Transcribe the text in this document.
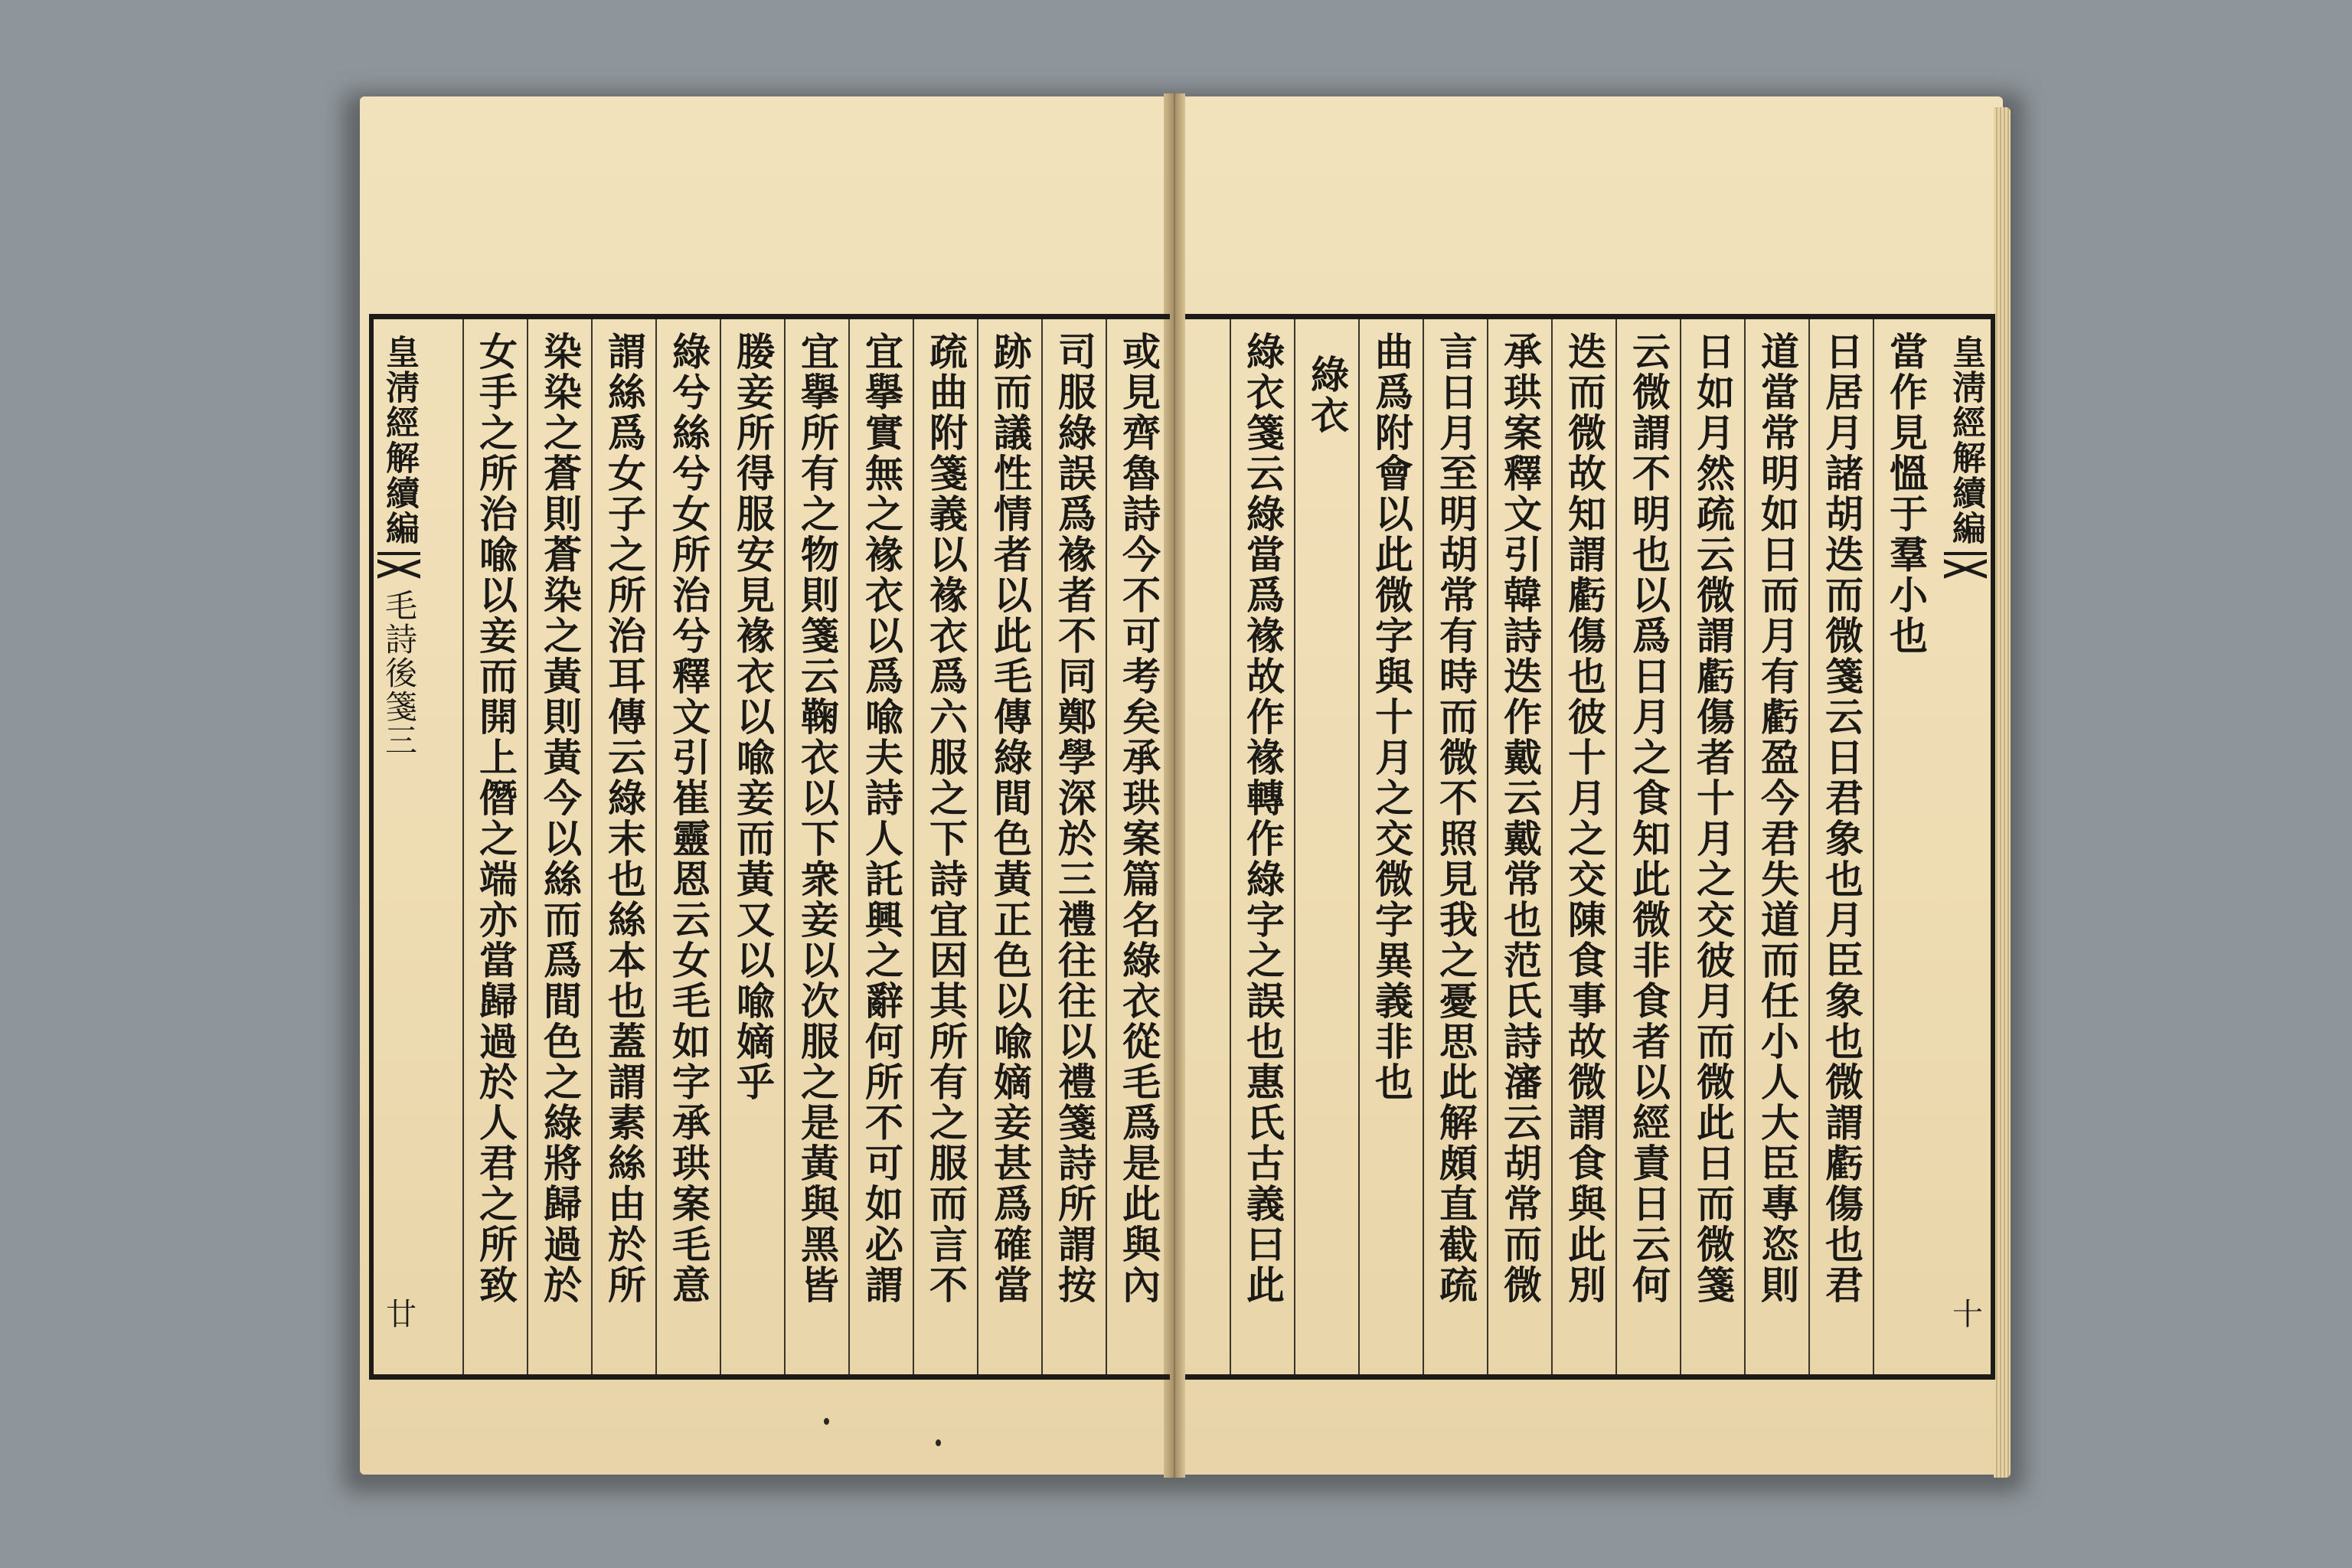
皇淸經解續編
毛詩後箋三
廿
或見齊魯詩今不可考矣承珙案篇名綠衣從毛爲是此與內
司服綠誤爲褖者不同鄭學深於三禮往往以禮箋詩所謂按
跡而議性情者以此毛傳綠間色黃正色以喩嫡妾甚爲確當
疏曲附箋義以褖衣爲六服之下詩宜因其所有之服而言不
宜擧實無之褖衣以爲喩夫詩人託興之辭何所不可如必謂
宜擧所有之物則箋云鞠衣以下衆妾以次服之是黃與黑皆
媵妾所得服安見褖衣以喩妾而黃又以喩嫡乎
綠兮絲兮女所治兮釋文引崔靈恩云女毛如字承珙案毛意
謂絲爲女子之所治耳傳云綠末也絲本也蓋謂素絲由於所
染染之蒼則蒼染之黃則黃今以絲而爲間色之綠將歸過於
女手之所治喩以妾而開上僭之端亦當歸過於人君之所致	皇淸經解續編
十
當作見慍于羣小也
日居月諸胡迭而微箋云日君象也月臣象也微謂虧傷也君
道當常明如日而月有虧盈今君失道而任小人大臣專恣則
日如月然疏云微謂虧傷者十月之交彼月而微此日而微箋
云微謂不明也以爲日月之食知此微非食者以經責日云何
迭而微故知謂虧傷也彼十月之交陳食事故微謂食與此別
承珙案釋文引韓詩迭作戴云戴常也范氏詩瀋云胡常而微
言日月至明胡常有時而微不照見我之憂思此解頗直截疏
曲爲附會以此微字與十月之交微字異義非也
綠衣
綠衣箋云綠當爲褖故作褖轉作綠字之誤也惠氏古義曰此
